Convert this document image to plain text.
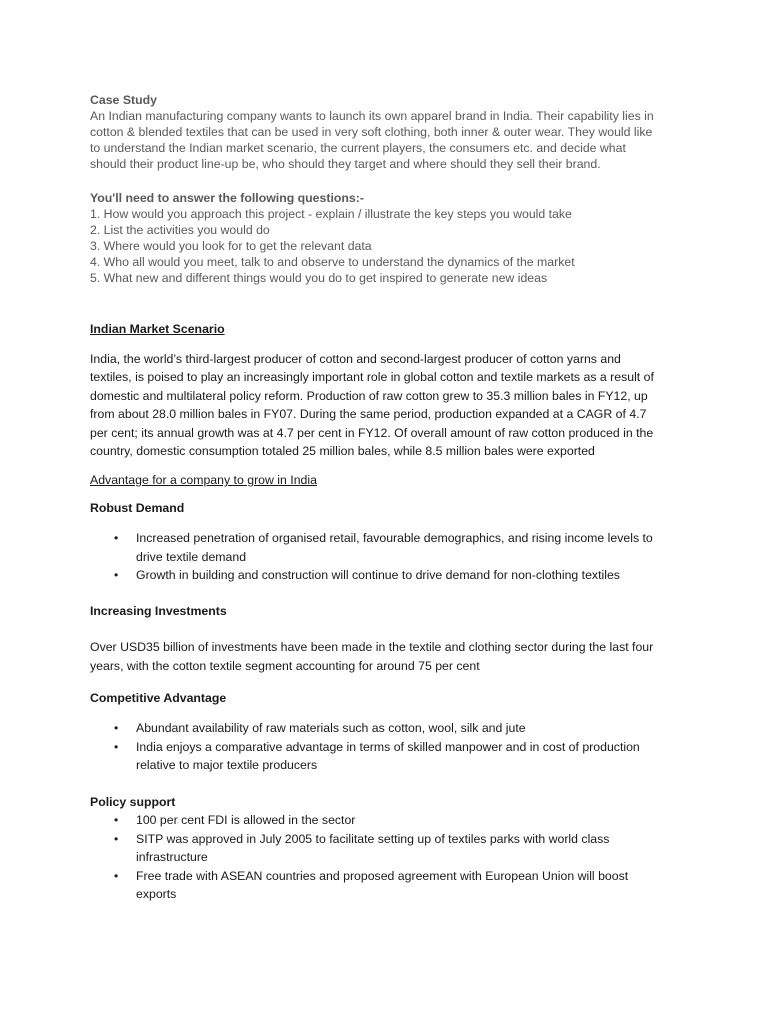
Case Study

An Indian manufacturing company wants to launch its own apparel brand in India. Their capability lies in

cotton & blended textiles that can be used in very soft clothing, both inner & outer wear. They would like

to understand the Indian market scenario, the current players, the consumers etc. and decide what

should their product line-up be, who should they target and where should they sell their brand.

You'll need to answer the following questions:-

1. How would you approach this project - explain / illustrate the key steps you would take

2. List the activities you would do

3. Where would you look for to get the relevant data

4. Who all would you meet, talk to and observe to understand the dynamics of the market

5. What new and different things would you do to get inspired to generate new ideas

Indian Market Scenario

India, the world’s third-largest producer of cotton and second-largest producer of cotton yarns and

textiles, is poised to play an increasingly important role in global cotton and textile markets as a result of

domestic and multilateral policy reform. Production of raw cotton grew to 35.3 million bales in FY12, up

from about 28.0 million bales in FY07. During the same period, production expanded at a CAGR of 4.7

per cent; its annual growth was at 4.7 per cent in FY12. Of overall amount of raw cotton produced in the

country, domestic consumption totaled 25 million bales, while 8.5 million bales were exported

Advantage for a company to grow in India

Robust Demand

• Increased penetration of organised retail, favourable demographics, and rising income levels to
drive textile demand
• Growth in building and construction will continue to drive demand for non-clothing textiles

Increasing Investments

Over USD35 billion of investments have been made in the textile and clothing sector during the last four

years, with the cotton textile segment accounting for around 75 per cent

Competitive Advantage

• Abundant availability of raw materials such as cotton, wool, silk and jute
• India enjoys a comparative advantage in terms of skilled manpower and in cost of production
relative to major textile producers

Policy support

• 100 per cent FDI is allowed in the sector
• SITP was approved in July 2005 to facilitate setting up of textiles parks with world class
infrastructure
• Free trade with ASEAN countries and proposed agreement with European Union will boost
exports
